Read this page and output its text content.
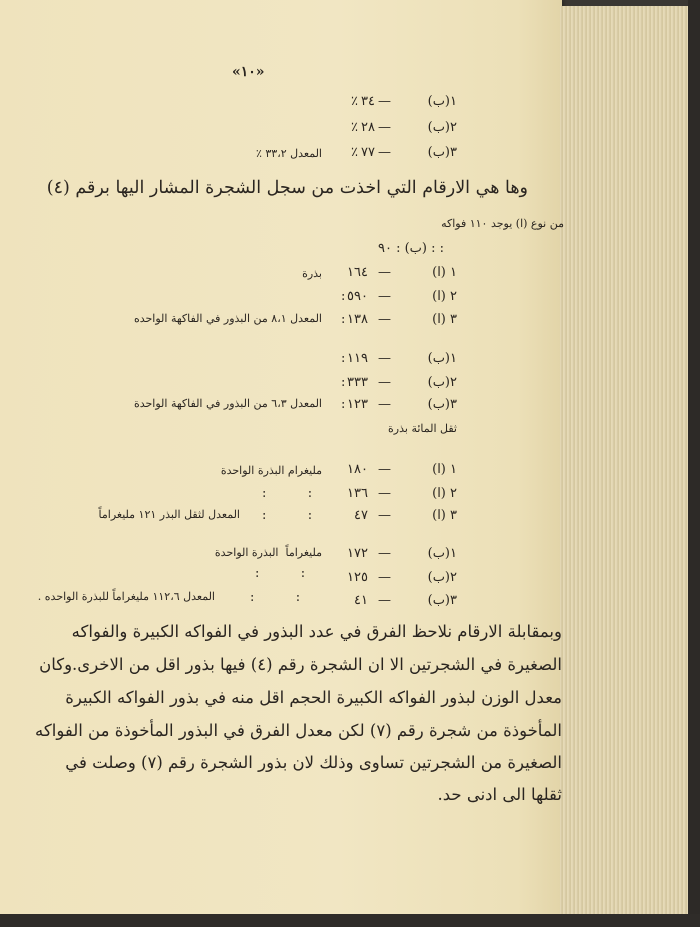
«١٠»
١(ب)
—
٣٤
٪
٢(ب)
—
٢٨
٪
٣(ب)
—
٧٧
٪
المعدل ٣٣،٢ ٪
وها هي الارقام التي اخذت من سجل الشجرة المشار اليها برقم (٤)
من نوع (ا) يوجد ١١٠ فواكه
: : (ب) : ٩٠
١ (ا)
—
١٦٤
بذرة
٢ (ا)
—
٥٩٠
:
٣ (ا)
—
١٣٨
:
المعدل ٨،١ من البذور في الفاكهة الواحده
١(ب)
—
١١٩
:
٢(ب)
—
٣٣٣
:
٣(ب)
—
١٢٣
:
المعدل ٦،٣ من البذور في الفاكهة الواحدة
ثقل المائة بذرة
١ (ا)
—
١٨٠
مليغرام البذرة الواحدة
٢ (ا)
—
١٣٦
:          :
٣ (ا)
—
٤٧
:          :
المعدل لثقل البذر ١٢١ مليغراماً
١(ب)
—
١٧٢
مليغراماً  البذرة الواحدة
٢(ب)
—
١٢٥
:          :
٣(ب)
—
٤١
:          :
المعدل ١١٢،٦ مليغراماً للبذرة الواحده .
وبمقابلة الارقام نلاحظ الفرق في عدد البذور في الفواكه الكبيرة والفواكه
الصغيرة في الشجرتين الا ان الشجرة رقم (٤) فيها بذور اقل من الاخرى.وكان
معدل الوزن لبذور الفواكه الكبيرة الحجم اقل منه في بذور الفواكه الكبيرة
المأخوذة من شجرة رقم (٧) لكن معدل الفرق في البذور المأخوذة من الفواكه
الصغيرة من الشجرتين تساوى وذلك لان بذور الشجرة رقم (٧) وصلت في
ثقلها الى ادنى حد.
